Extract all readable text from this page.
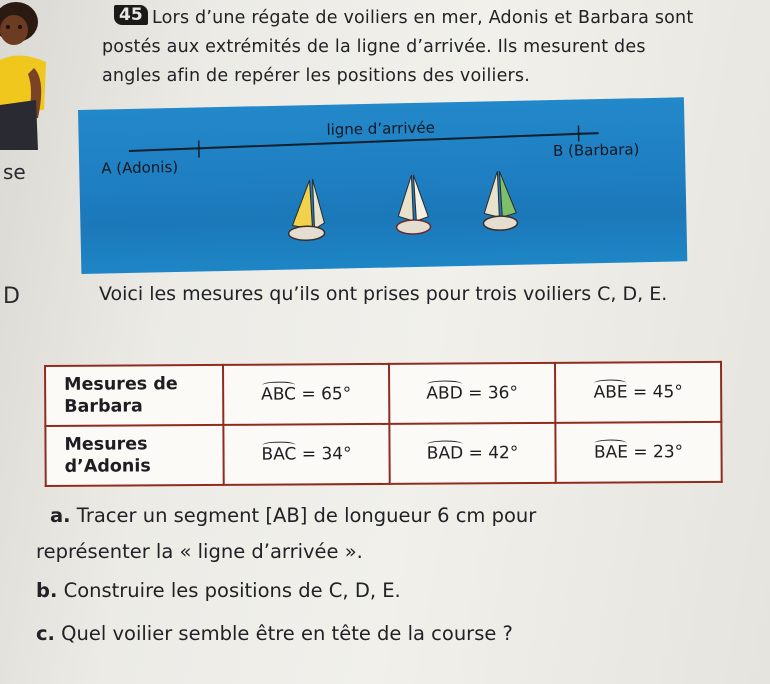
se
D
Lors d’une régate de voiliers en mer, Adonis et Barbara sont postés aux extrémités de la ligne d’arrivée. Ils mesurent des angles afin de repérer les positions des voiliers.
45
ligne d’arrivée
A (Adonis)
B (Barbara)
Voici les mesures qu’ils ont prises pour trois voiliers C, D, E.
Mesures de Barbara	ABC = 65°	ABD = 36°	ABE = 45°
Mesures d’Adonis	BAC = 34°	BAD = 42°	BAE = 23°
a. Tracer un segment [AB] de longueur 6 cm pour
représenter la « ligne d’arrivée ».
b. Construire les positions de C, D, E.
c. Quel voilier semble être en tête de la course ?
